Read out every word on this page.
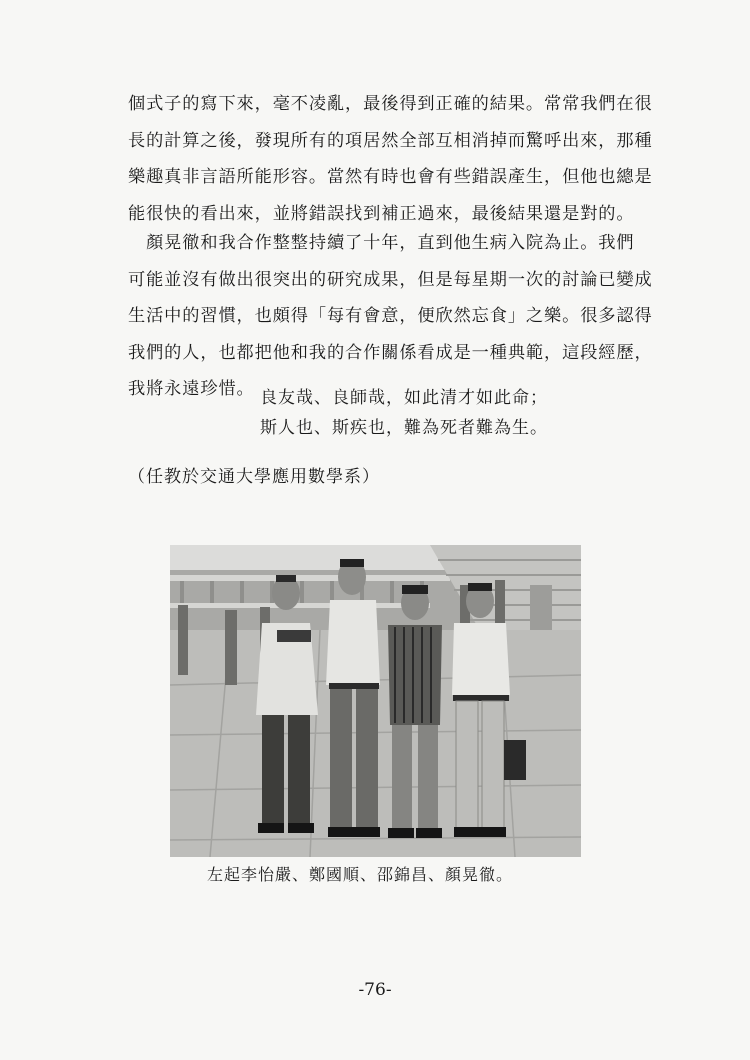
個式子的寫下來，毫不凌亂，最後得到正確的結果。常常我們在很
長的計算之後，發現所有的項居然全部互相消掉而驚呼出來，那種
樂趣真非言語所能形容。當然有時也會有些錯誤產生，但他也總是
能很快的看出來，並將錯誤找到補正過來，最後結果還是對的。
　顏晃徹和我合作整整持續了十年，直到他生病入院為止。我們
可能並沒有做出很突出的研究成果，但是每星期一次的討論已變成
生活中的習慣，也頗得「每有會意，便欣然忘食」之樂。很多認得
我們的人，也都把他和我的合作關係看成是一種典範，這段經歷，
我將永遠珍惜。 良友哉、良師哉，如此清才如此命；
斯人也、斯疾也，難為死者難為生。
（任教於交通大學應用數學系）
左起李怡嚴、鄭國順、邵錦昌、顏晃徹。
-76-
